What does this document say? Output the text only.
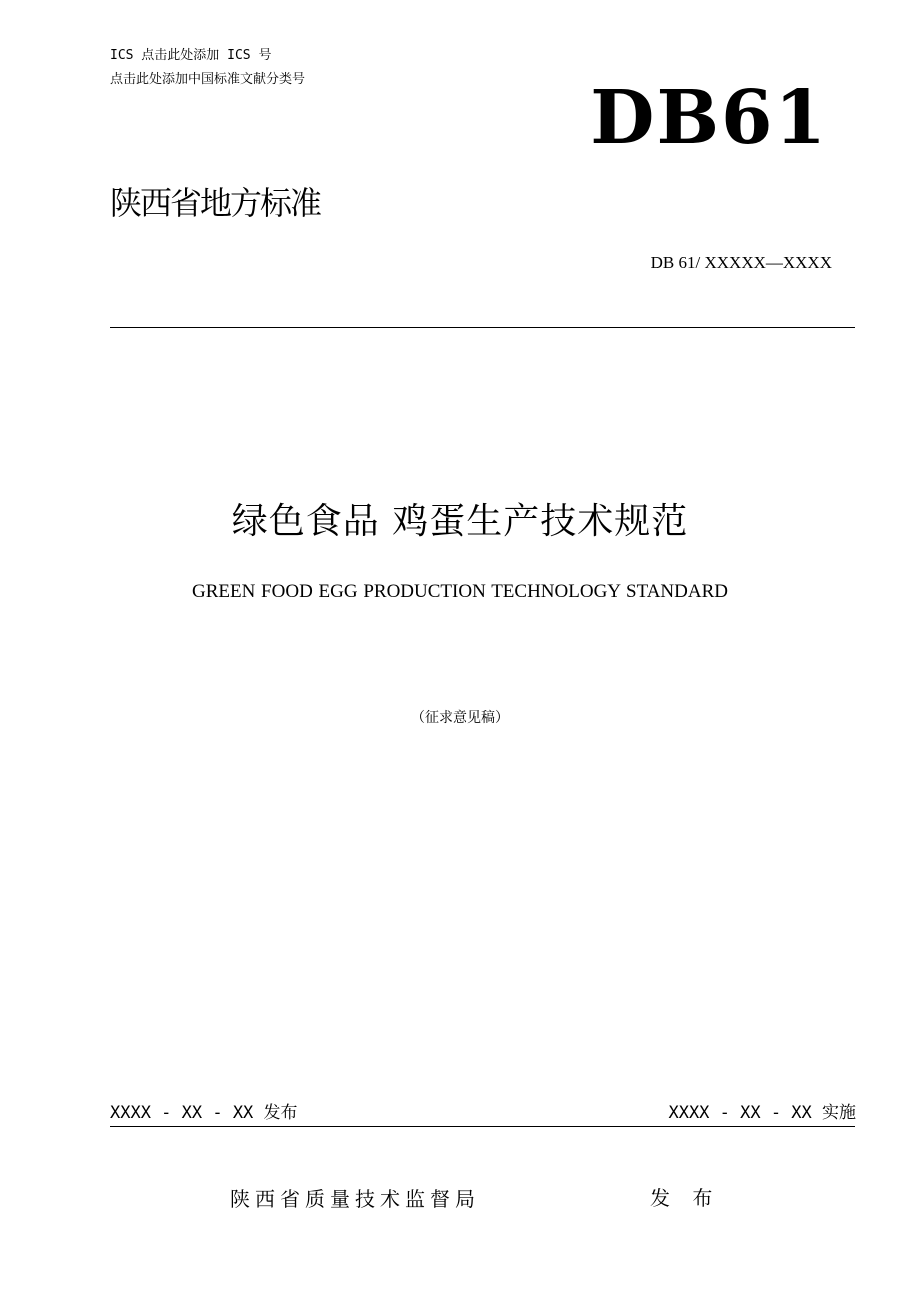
ICS 点击此处添加 ICS 号
点击此处添加中国标准文献分类号	DB61
陕西省地方标准
DB 61/ XXXXX—XXXX
绿色食品 鸡蛋生产技术规范
GREEN FOOD EGG PRODUCTION TECHNOLOGY STANDARD
（征求意见稿）
XXXX - XX - XX 发布	XXXX - XX - XX 实施
陕西省质量技术监督局	发 布
